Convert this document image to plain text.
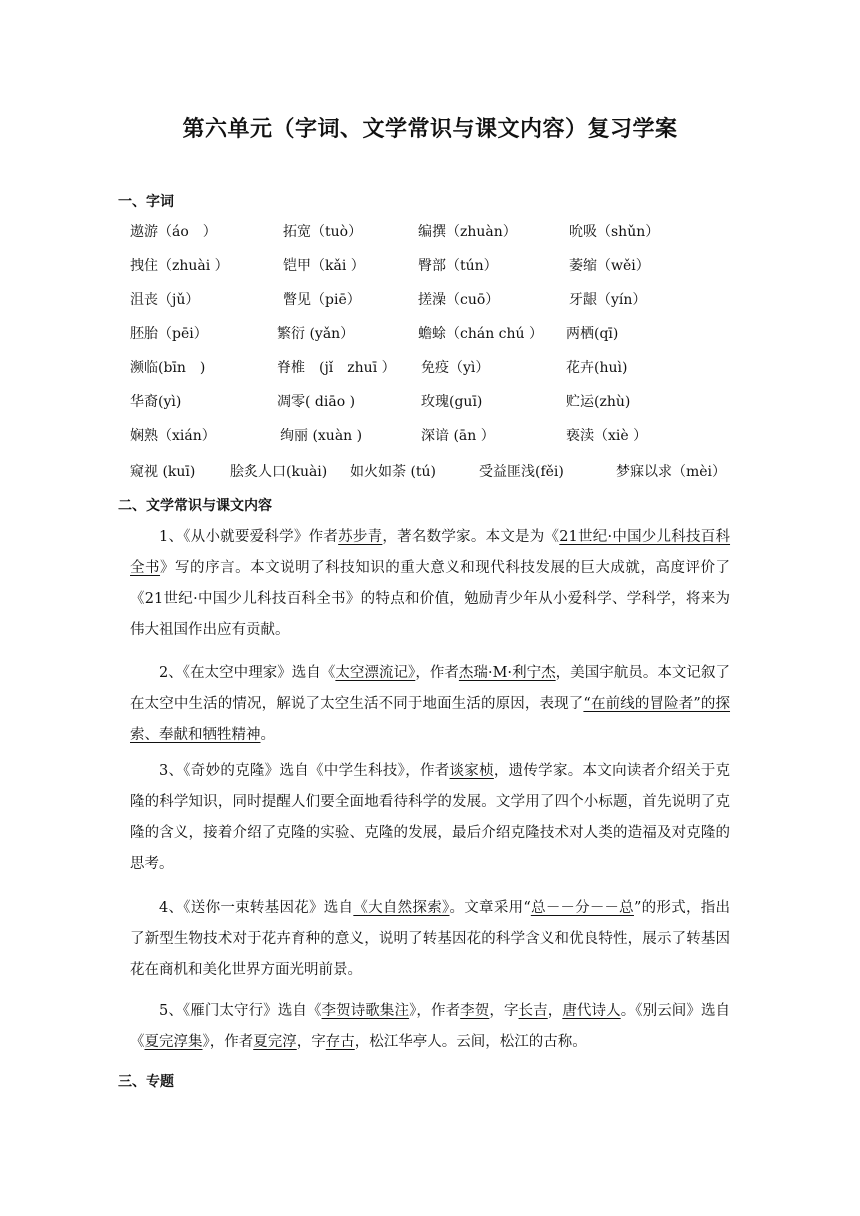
第六单元（字词、文学常识与课文内容）复习学案
一、字词
遨游（áo　）	拓宽（tuò）	编撰（zhuàn）	吮吸（shǔn）
拽住（zhuài ）	铠甲（kǎi ）	臀部（tún）	萎缩（wěi）
沮丧（jǔ）	瞥见（piē）	搓澡（cuō）	牙龈（yín）
胚胎（pēi）	繁衍 (yǎn）	蟾蜍（chán chú ） 两栖(qī)
濒临(bīn　)	脊椎　(jǐ　zhuī ） 免疫（yì）	花卉(huì)
华裔(yì)	凋零( diāo )	玫瑰(guī)	贮运(zhù)
娴熟（xián）	绚丽 (xuàn )	深谙 (ān ）	亵渎（xiè ）
窥视 (kuī) 脍炙人口(kuài) 如火如荼 (tú)	受益匪浅(fěi)	梦寐以求（mèi）
二、文学常识与课文内容
1、《从小就要爱科学》作者苏步青，著名数学家。本文是为《21世纪·中国少儿科技百科全书》写的序言。本文说明了科技知识的重大意义和现代科技发展的巨大成就，高度评价了《21世纪·中国少儿科技百科全书》的特点和价值，勉励青少年从小爱科学、学科学，将来为伟大祖国作出应有贡献。
2、《在太空中理家》选自《太空漂流记》，作者杰瑞·M·利宁杰，美国宇航员。本文记叙了在太空中生活的情况，解说了太空生活不同于地面生活的原因，表现了“在前线的冒险者”的探索、奉献和牺牲精神。
3、《奇妙的克隆》选自《中学生科技》，作者谈家桢，遗传学家。本文向读者介绍关于克隆的科学知识，同时提醒人们要全面地看待科学的发展。文学用了四个小标题，首先说明了克隆的含义，接着介绍了克隆的实验、克隆的发展，最后介绍克隆技术对人类的造福及对克隆的思考。
4、《送你一束转基因花》选自《大自然探索》。文章采用“总－－分－－总”的形式，指出了新型生物技术对于花卉育种的意义，说明了转基因花的科学含义和优良特性，展示了转基因花在商机和美化世界方面光明前景。
5、《雁门太守行》选自《李贺诗歌集注》，作者李贺，字长吉，唐代诗人。《别云间》选自《夏完淳集》，作者夏完淳，字存古，松江华亭人。云间，松江的古称。
三、专题
